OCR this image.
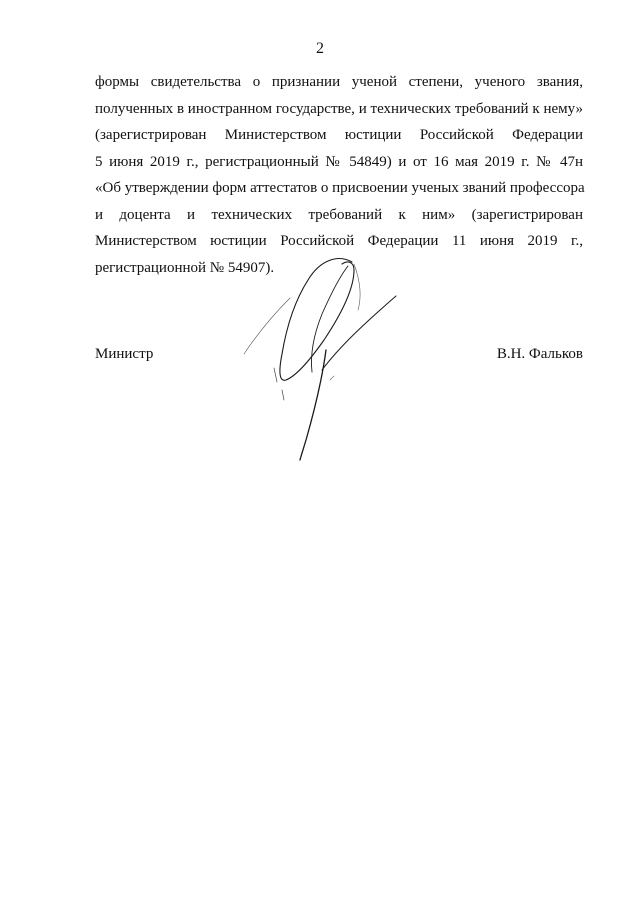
2
формы свидетельства о признании ученой степени, ученого звания,
полученных в иностранном государстве, и технических требований к нему»
(зарегистрирован Министерством юстиции Российской Федерации
5 июня 2019 г., регистрационный № 54849) и от 16 мая 2019 г. № 47н
«Об утверждении форм аттестатов о присвоении ученых званий профессора
и доцента и технических требований к ним» (зарегистрирован
Министерством юстиции Российской Федерации 11 июня 2019 г.,
регистрационной № 54907).
Министр	В.Н. Фальков
